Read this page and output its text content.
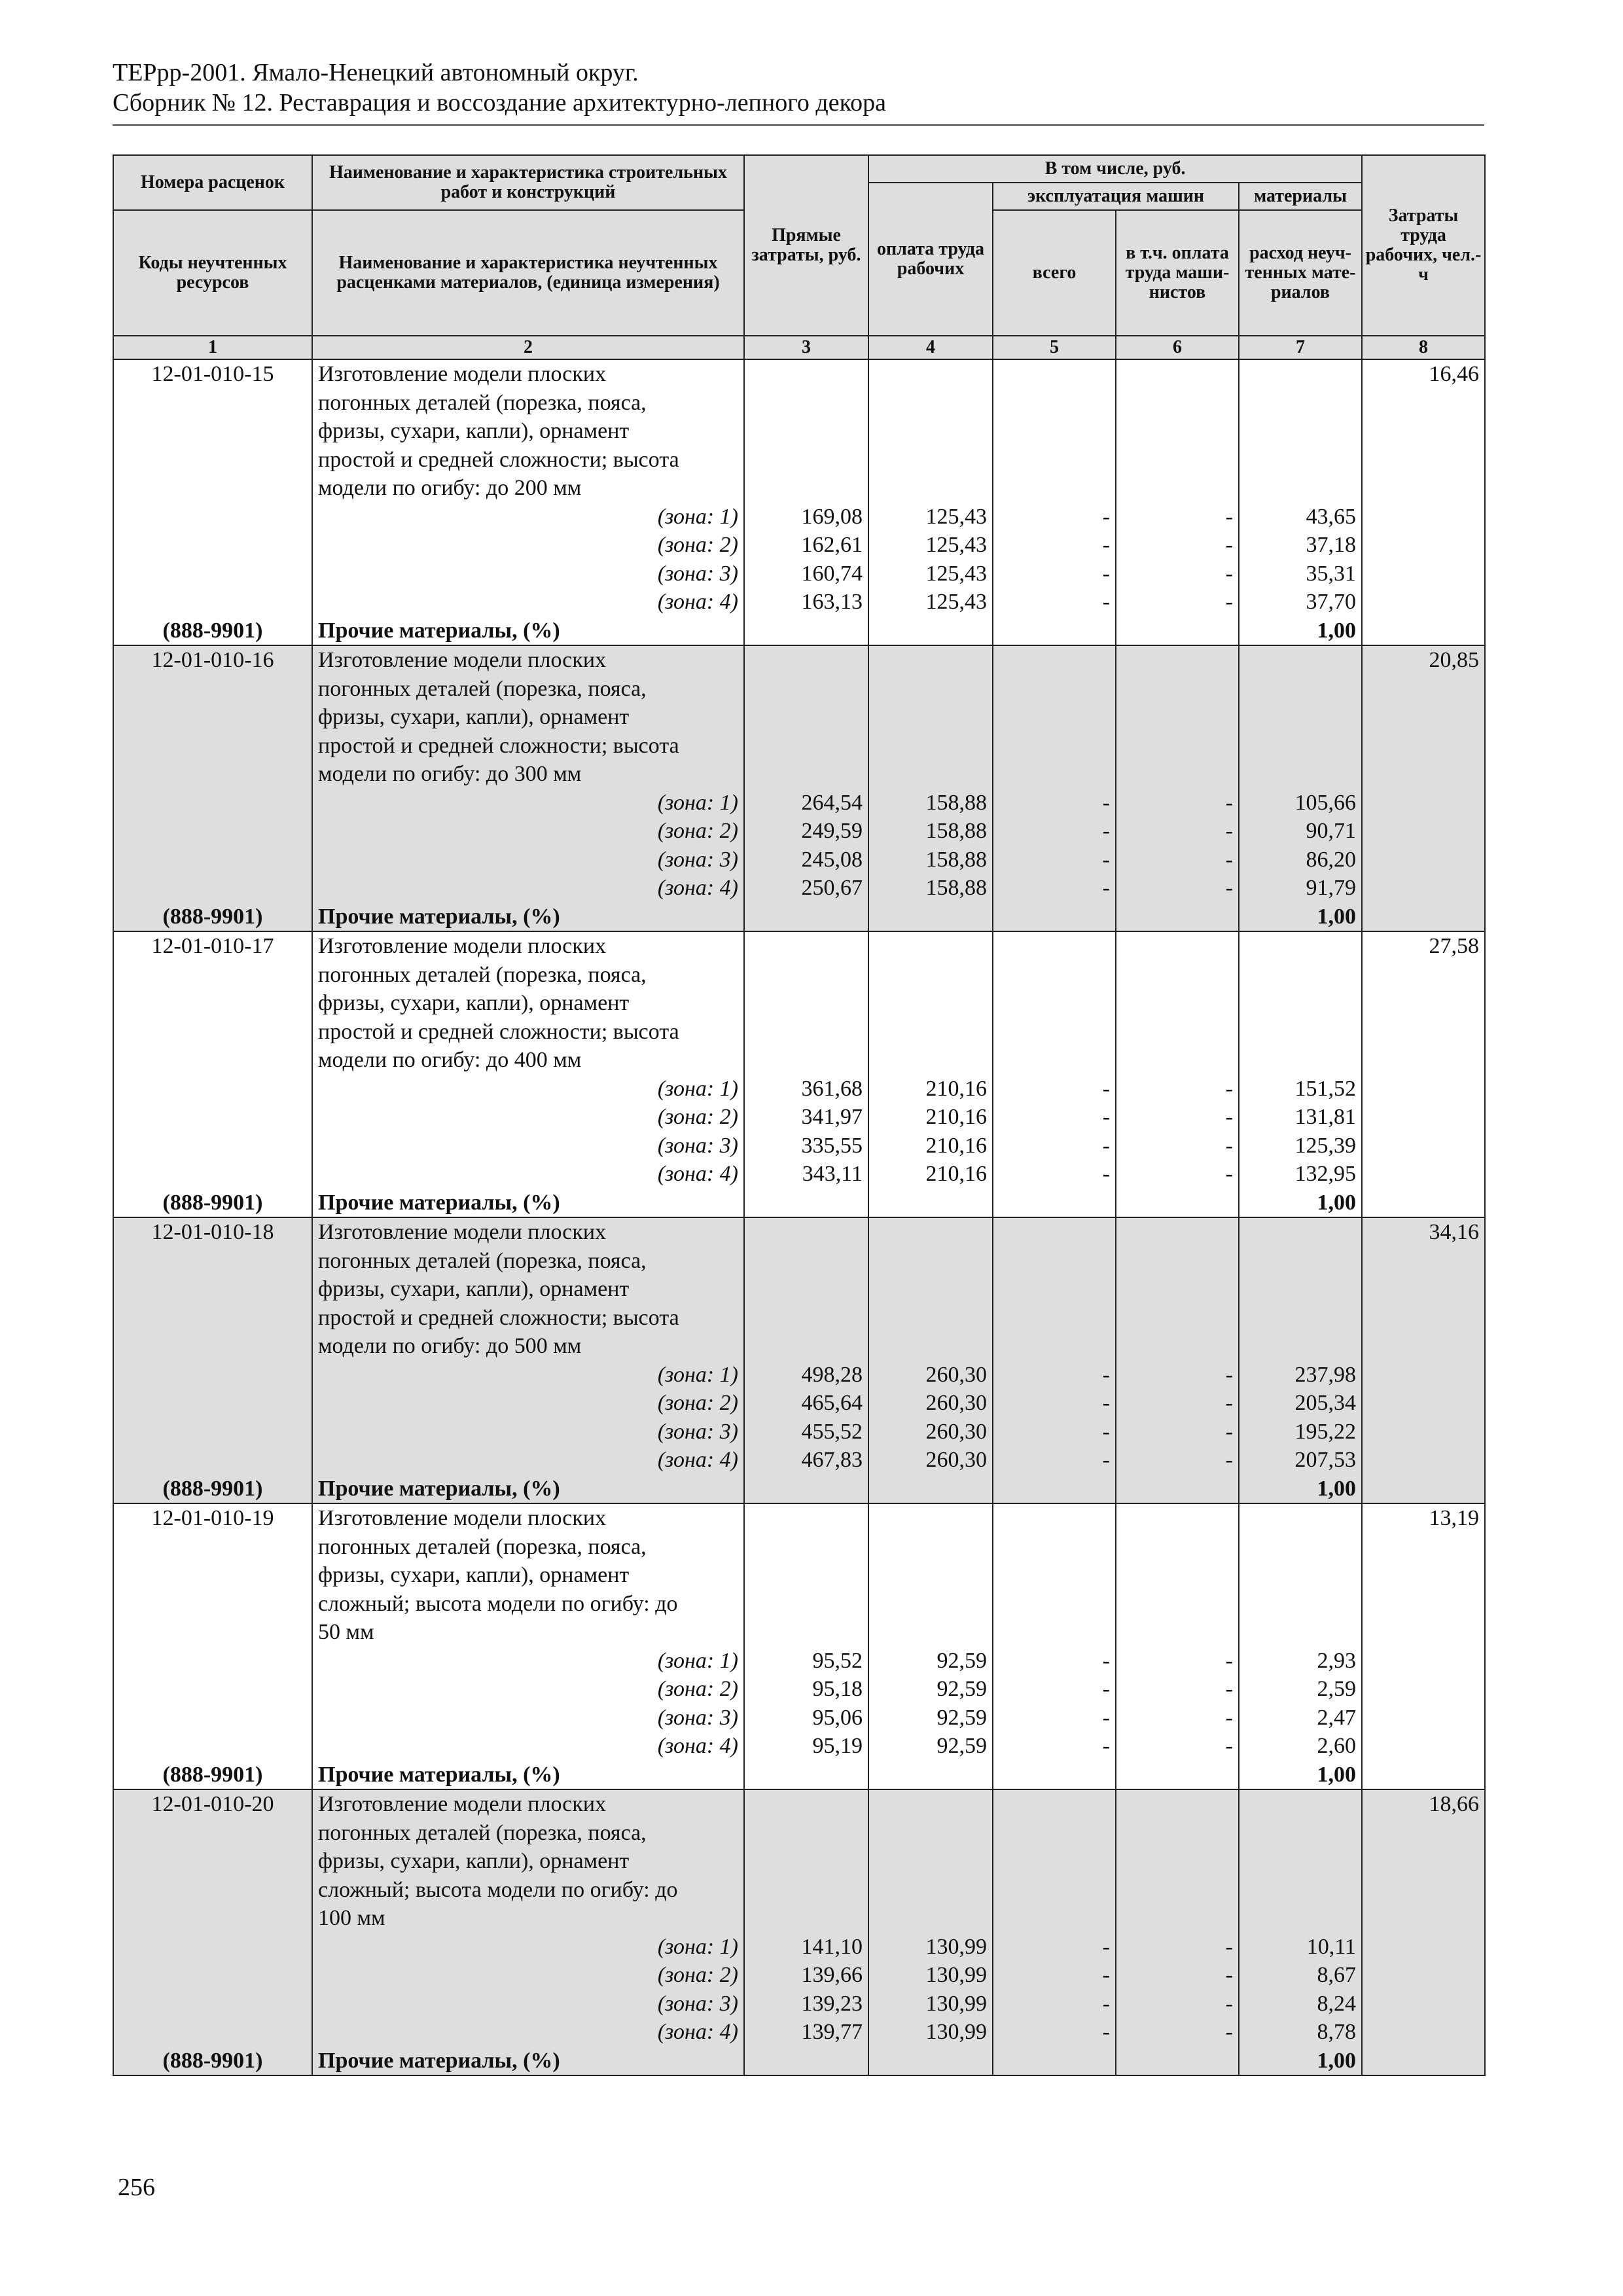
ТЕРрр-2001. Ямало-Ненецкий автономный округ.
Сборник № 12. Реставрация и воссоздание архитектурно-лепного декора
Номера расценок	Наименование и характеристика строительных работ и конструкций	Прямые затраты, руб.	В том числе, руб.				Затраты труда рабочих, чел.-ч
			оплата труда рабочих	эксплуатация машин		материалы	
Коды неучтенных ресурсов	Наименование и характеристика неучтенных расценками материалов, (единица измерения)			всего	в т.ч. оплата труда маши-нистов	расход неуч-тенных мате-риалов	

1	2	3	4	5	6	7	8
12-01-010-15	Изготовление модели плоских
погонных деталей (порезка, пояса,
фризы, сухари, капли), орнамент
простой и средней сложности; высота
модели по огибу: до 200 мм						16,46
	(зона: 1)	169,08	125,43	-	-	43,65	
	(зона: 2)	162,61	125,43	-	-	37,18	
	(зона: 3)	160,74	125,43	-	-	35,31	
	(зона: 4)	163,13	125,43	-	-	37,70	
(888-9901)	Прочие материалы, (%)					1,00	
12-01-010-16	Изготовление модели плоских
погонных деталей (порезка, пояса,
фризы, сухари, капли), орнамент
простой и средней сложности; высота
модели по огибу: до 300 мм						20,85
	(зона: 1)	264,54	158,88	-	-	105,66	
	(зона: 2)	249,59	158,88	-	-	90,71	
	(зона: 3)	245,08	158,88	-	-	86,20	
	(зона: 4)	250,67	158,88	-	-	91,79	
(888-9901)	Прочие материалы, (%)					1,00	
12-01-010-17	Изготовление модели плоских
погонных деталей (порезка, пояса,
фризы, сухари, капли), орнамент
простой и средней сложности; высота
модели по огибу: до 400 мм						27,58
	(зона: 1)	361,68	210,16	-	-	151,52	
	(зона: 2)	341,97	210,16	-	-	131,81	
	(зона: 3)	335,55	210,16	-	-	125,39	
	(зона: 4)	343,11	210,16	-	-	132,95	
(888-9901)	Прочие материалы, (%)					1,00	
12-01-010-18	Изготовление модели плоских
погонных деталей (порезка, пояса,
фризы, сухари, капли), орнамент
простой и средней сложности; высота
модели по огибу: до 500 мм						34,16
	(зона: 1)	498,28	260,30	-	-	237,98	
	(зона: 2)	465,64	260,30	-	-	205,34	
	(зона: 3)	455,52	260,30	-	-	195,22	
	(зона: 4)	467,83	260,30	-	-	207,53	
(888-9901)	Прочие материалы, (%)					1,00	
12-01-010-19	Изготовление модели плоских
погонных деталей (порезка, пояса,
фризы, сухари, капли), орнамент
сложный; высота модели по огибу: до
50 мм						13,19
	(зона: 1)	95,52	92,59	-	-	2,93	
	(зона: 2)	95,18	92,59	-	-	2,59	
	(зона: 3)	95,06	92,59	-	-	2,47	
	(зона: 4)	95,19	92,59	-	-	2,60	
(888-9901)	Прочие материалы, (%)					1,00	
12-01-010-20	Изготовление модели плоских
погонных деталей (порезка, пояса,
фризы, сухари, капли), орнамент
сложный; высота модели по огибу: до
100 мм						18,66
	(зона: 1)	141,10	130,99	-	-	10,11	
	(зона: 2)	139,66	130,99	-	-	8,67	
	(зона: 3)	139,23	130,99	-	-	8,24	
	(зона: 4)	139,77	130,99	-	-	8,78	
(888-9901)	Прочие материалы, (%)					1,00	
256
